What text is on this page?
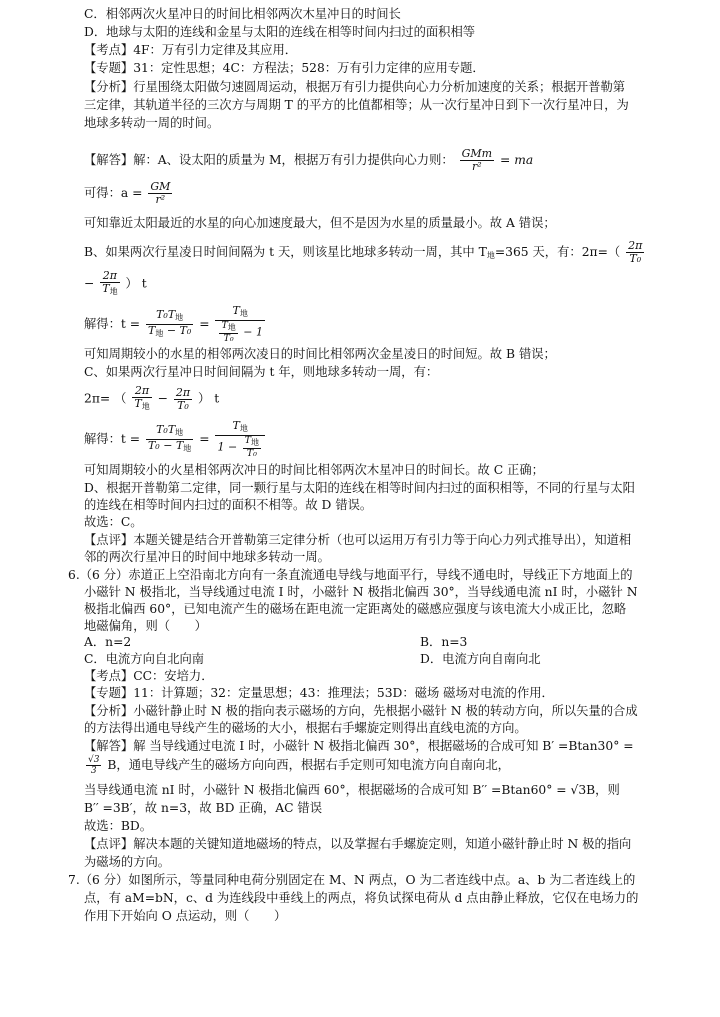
C．相邻两次火星冲日的时间比相邻两次木星冲日的时间长
D．地球与太阳的连线和金星与太阳的连线在相等时间内扫过的面积相等
【考点】4F：万有引力定律及其应用．
【专题】31：定性思想；4C：方程法；528：万有引力定律的应用专题．
【分析】行星围绕太阳做匀速圆周运动，根据万有引力提供向心力分析加速度的关系；根据开普勒第
三定律，其轨道半径的三次方与周期 T 的平方的比值都相等；从一次行星冲日到下一次行星冲日，为
地球多转动一周的时间。
【解答】解：A、设太阳的质量为 M，根据万有引力提供向心力则： $\frac{\text{GMm}}{\text{r²}}$ = ma
可得：$a = \frac{GM}{\text{r²}}$
可知靠近太阳最近的水星的向心加速度最大，但不是因为水星的质量最小。故 A 错误；
B、如果两次行星凌日时间间隔为 t 天，则该星比地球多转动一周，其中 $T_地=365$ 天，有：$2\pi=( \frac{2\pi}{\text{T₀}}$
− $\frac{2\pi}{T_地}$ ） t
解得：$t = \frac{T_0T_地}{T_地 - T_0} = \frac{T_地}{\frac{T_地}{\text{T₀}} - 1}$
可知周期较小的水星的相邻两次凌日的时间比相邻两次金星凌日的时间短。故 B 错误；
C、如果两次行星冲日时间间隔为 t 年，则地球多转动一周，有：
2π= （ $\frac{2\pi}{T_地} - \frac{2\pi}{\text{T₀}}$ ） t
解得：$t = \frac{T_0T_地}{T_0 - T_地} = \frac{T_地}{1 - \frac{T_地}{\text{T₀}}}$
可知周期较小的火星相邻两次冲日的时间比相邻两次木星冲日的时间长。故 C 正确；
D、根据开普勒第二定律，同一颗行星与太阳的连线在相等时间内扫过的面积相等，不同的行星与太阳
的连线在相等时间内扫过的面积不相等。故 D 错误。
故选：C。
【点评】本题关键是结合开普勒第三定律分析（也可以运用万有引力等于向心力列式推导出），知道相
邻的两次行星冲日的时间中地球多转动一周。
6.（6 分）赤道正上空沿南北方向有一条直流通电导线与地面平行，导线不通电时，导线正下方地面上的
小磁针 N 极指北，当导线通过电流 I 时，小磁针 N 极指北偏西 30°，当导线通电流 nI 时，小磁针 N
极指北偏西 60°，已知电流产生的磁场在距电流一定距离处的磁感应强度与该电流大小成正比，忽略
地磁偏角，则（　　）
A．n=2	B．n=3
C．电流方向自北向南	D．电流方向自南向北
【考点】CC：安培力．
【专题】11：计算题；32：定量思想；43：推理法；53D：磁场 磁场对电流的作用．
【分析】小磁针静止时 N 极的指向表示磁场的方向，先根据小磁针 N 极的转动方向，所以矢量的合成
的方法得出通电导线产生的磁场的大小，根据右手螺旋定则得出直线电流的方向。
【解答】解 当导线通过电流 I 时，小磁针 N 极指北偏西 30°，根据磁场的合成可知 B′ =Btan30° =
$\frac{√3}{3}$ B，通电导线产生的磁场方向向西，根据右手定则可知电流方向自南向北，
当导线通电流 nI 时，小磁针 N 极指北偏西 60°，根据磁场的合成可知 B′′ =Btan60° = √3B，则
B′′ =3B′，故 n=3，故 BD 正确，AC 错误
故选：BD。
【点评】解决本题的关键知道地磁场的特点，以及掌握右手螺旋定则，知道小磁针静止时 N 极的指向
为磁场的方向。
7.（6 分）如图所示，等量同种电荷分别固定在 M、N 两点，O 为二者连线中点。a、b 为二者连线上的
点，有 aM=bN，c、d 为连线段中垂线上的两点，将负试探电荷从 d 点由静止释放，它仅在电场力的
作用下开始向 O 点运动，则（　　）
